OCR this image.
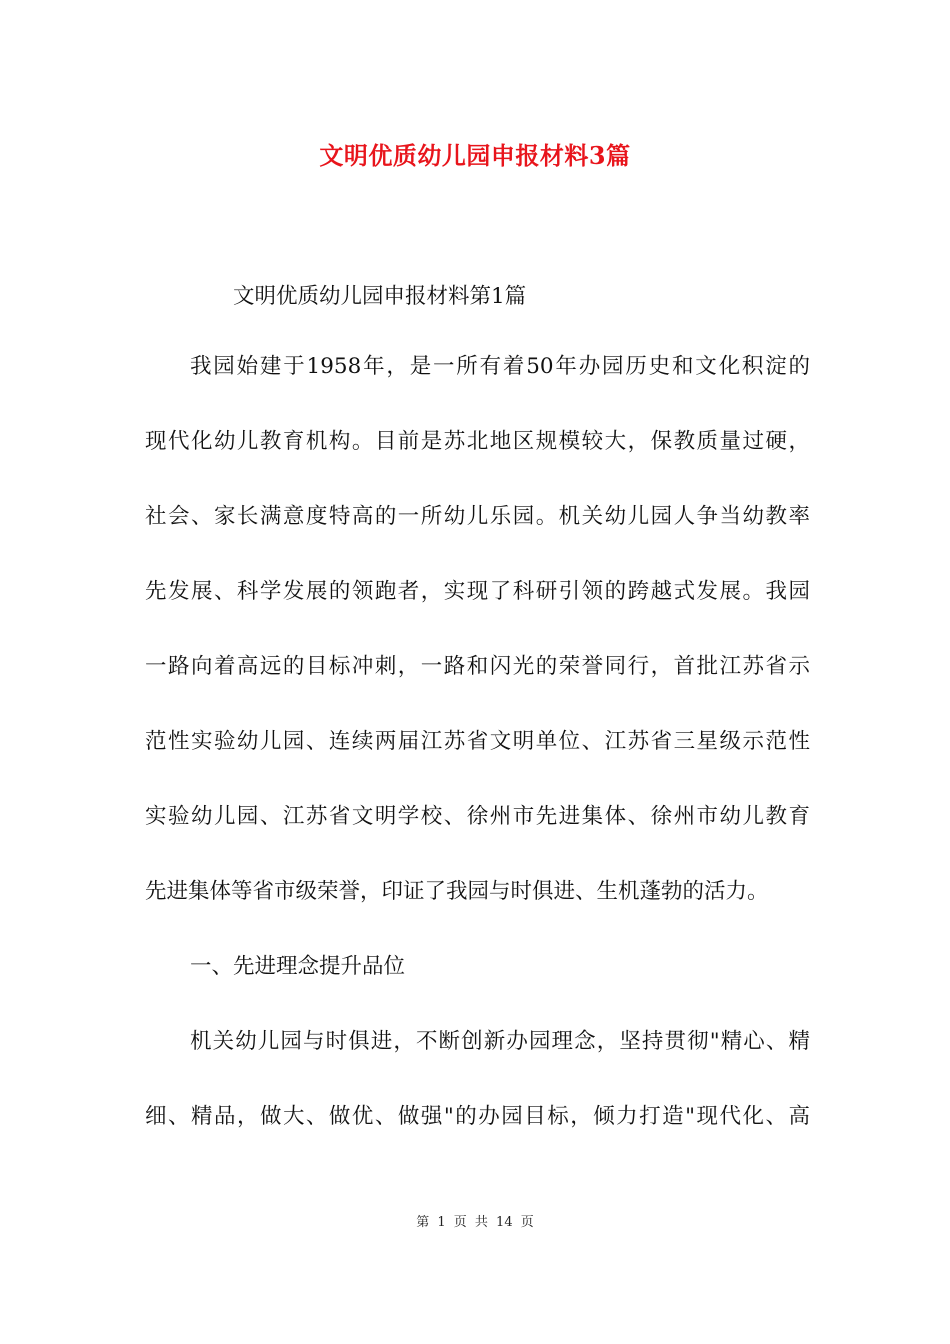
文明优质幼儿园申报材料3篇
文明优质幼儿园申报材料第1篇
我园始建于1958年，是一所有着50年办园历史和文化积淀的
现代化幼儿教育机构。目前是苏北地区规模较大，保教质量过硬，
社会、家长满意度特高的一所幼儿乐园。机关幼儿园人争当幼教率
先发展、科学发展的领跑者，实现了科研引领的跨越式发展。我园
一路向着高远的目标冲刺，一路和闪光的荣誉同行，首批江苏省示
范性实验幼儿园、连续两届江苏省文明单位、江苏省三星级示范性
实验幼儿园、江苏省文明学校、徐州市先进集体、徐州市幼儿教育
先进集体等省市级荣誉，印证了我园与时俱进、生机蓬勃的活力。
一、先进理念提升品位
机关幼儿园与时俱进，不断创新办园理念，坚持贯彻"精心、精
细、精品，做大、做优、做强"的办园目标，倾力打造"现代化、高
第 1 页 共 14 页
